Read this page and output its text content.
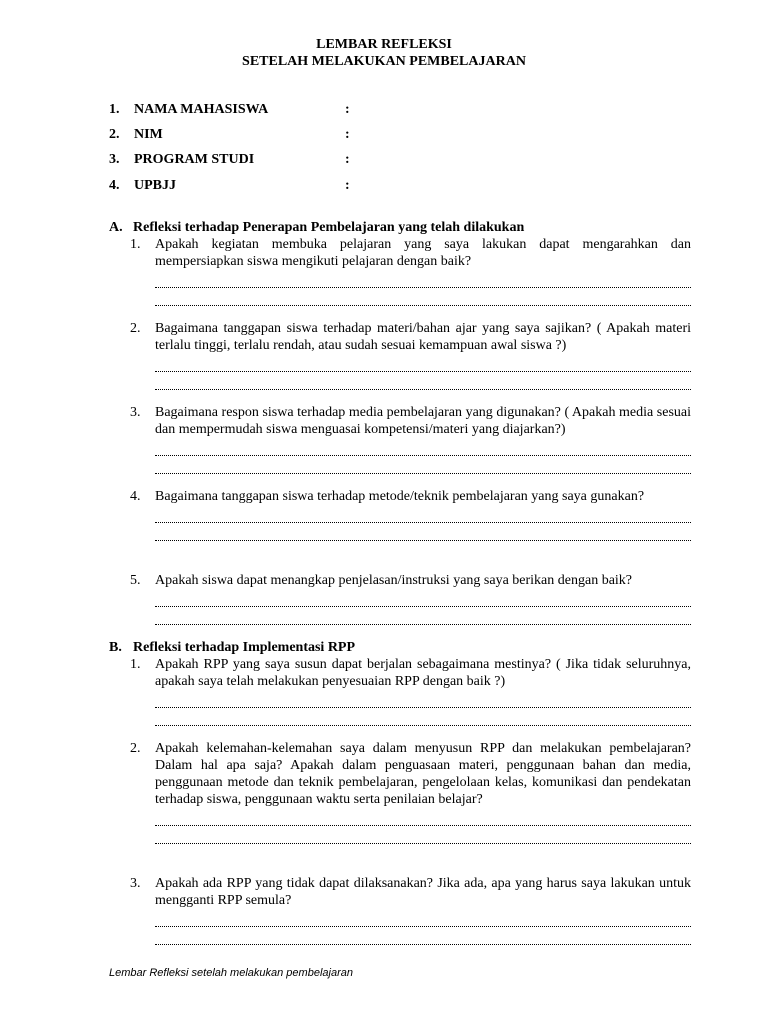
LEMBAR REFLEKSI
SETELAH MELAKUKAN PEMBELAJARAN
1.	NAMA MAHASISWA	:
2.	NIM	:
3.	PROGRAM STUDI	:
4.	UPBJJ	:
A. Refleksi terhadap Penerapan Pembelajaran yang telah dilakukan
1.	Apakah kegiatan membuka pelajaran yang saya lakukan dapat mengarahkan dan mempersiapkan siswa mengikuti pelajaran dengan baik?
2.	Bagaimana tanggapan siswa terhadap materi/bahan ajar yang saya sajikan? ( Apakah materi terlalu tinggi, terlalu rendah, atau sudah sesuai kemampuan awal siswa ?)
3.	Bagaimana respon siswa terhadap media pembelajaran yang digunakan? ( Apakah media sesuai dan mempermudah siswa menguasai kompetensi/materi yang diajarkan?)
4.	Bagaimana tanggapan siswa terhadap metode/teknik pembelajaran yang saya gunakan?
5.	Apakah siswa dapat menangkap penjelasan/instruksi yang saya berikan dengan baik?
B. Refleksi terhadap Implementasi RPP
1.	Apakah RPP yang saya susun dapat berjalan sebagaimana mestinya? ( Jika tidak seluruhnya, apakah saya telah melakukan penyesuaian RPP dengan baik ?)
2.	Apakah kelemahan-kelemahan saya dalam menyusun RPP dan melakukan pembelajaran? Dalam hal apa saja? Apakah dalam penguasaan materi, penggunaan bahan dan media, penggunaan metode dan teknik pembelajaran, pengelolaan kelas, komunikasi dan pendekatan terhadap siswa, penggunaan waktu serta penilaian belajar?
3.	Apakah ada RPP yang tidak dapat dilaksanakan? Jika ada, apa yang harus saya lakukan untuk mengganti RPP semula?
Lembar Refleksi setelah melakukan pembelajaran
